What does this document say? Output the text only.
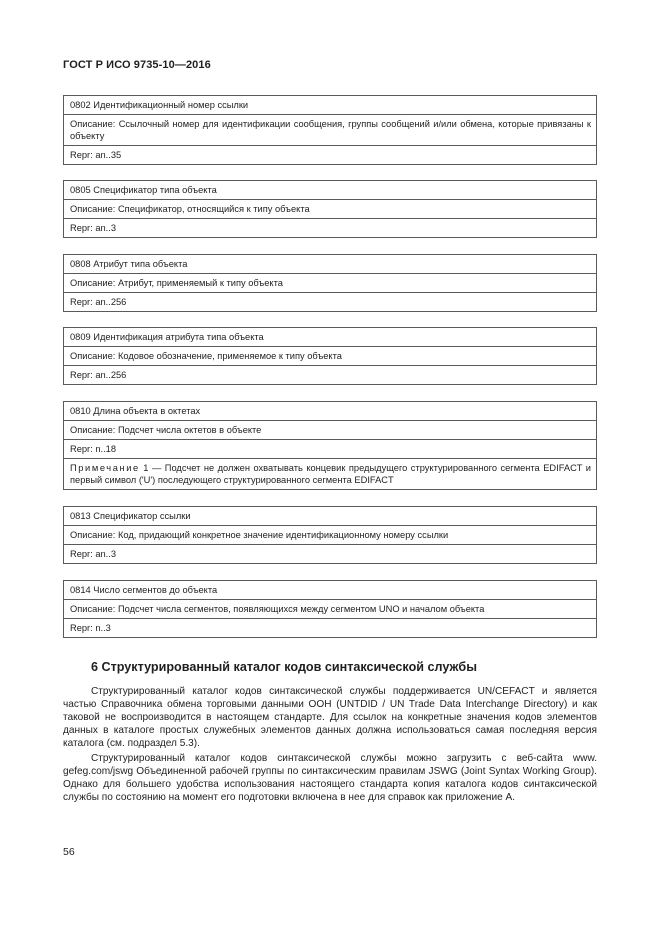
ГОСТ Р ИСО 9735-10—2016
0802 Идентификационный номер ссылки
Описание: Ссылочный номер для идентификации сообщения, группы сообщений и/или обмена, которые привязаны к объекту
Repr: an..35
0805 Спецификатор типа объекта
Описание: Спецификатор, относящийся к типу объекта
Repr: an..3
0808 Атрибут типа объекта
Описание: Атрибут, применяемый к типу объекта
Repr: an..256
0809 Идентификация атрибута типа объекта
Описание: Кодовое обозначение, применяемое к типу объекта
Repr: an..256
0810 Длина объекта в октетах
Описание: Подсчет числа октетов в объекте
Repr: n..18
Примечание 1 — Подсчет не должен охватывать концевик предыдущего структурированного сегмента EDIFACT и первый символ ('U') последующего структурированного сегмента EDIFACT
0813 Спецификатор ссылки
Описание: Код, придающий конкретное значение идентификационному номеру ссылки
Repr: an..3
0814 Число сегментов до объекта
Описание: Подсчет числа сегментов, появляющихся между сегментом UNO и началом объекта
Repr: n..3
6 Структурированный каталог кодов синтаксической службы

Структурированный каталог кодов синтаксической службы поддерживается UN/CEFACT и является частью Справочника обмена торговыми данными ООН (UNTDID / UN Trade Data Interchange Directory) и как таковой не воспроизводится в настоящем стандарте. Для ссылок на конкретные значения кодов элементов данных в каталоге простых служебных элементов данных должна использоваться самая последняя версия каталога (см. подраздел 5.3).

Структурированный каталог кодов синтаксической службы можно загрузить с веб-сайта www. gefeg.com/jswg Объединенной рабочей группы по синтаксическим правилам JSWG (Joint Syntax Working Group). Однако для большего удобства использования настоящего стандарта копия каталога кодов синтаксической службы по состоянию на момент его подготовки включена в нее для справок как приложение А.

56
